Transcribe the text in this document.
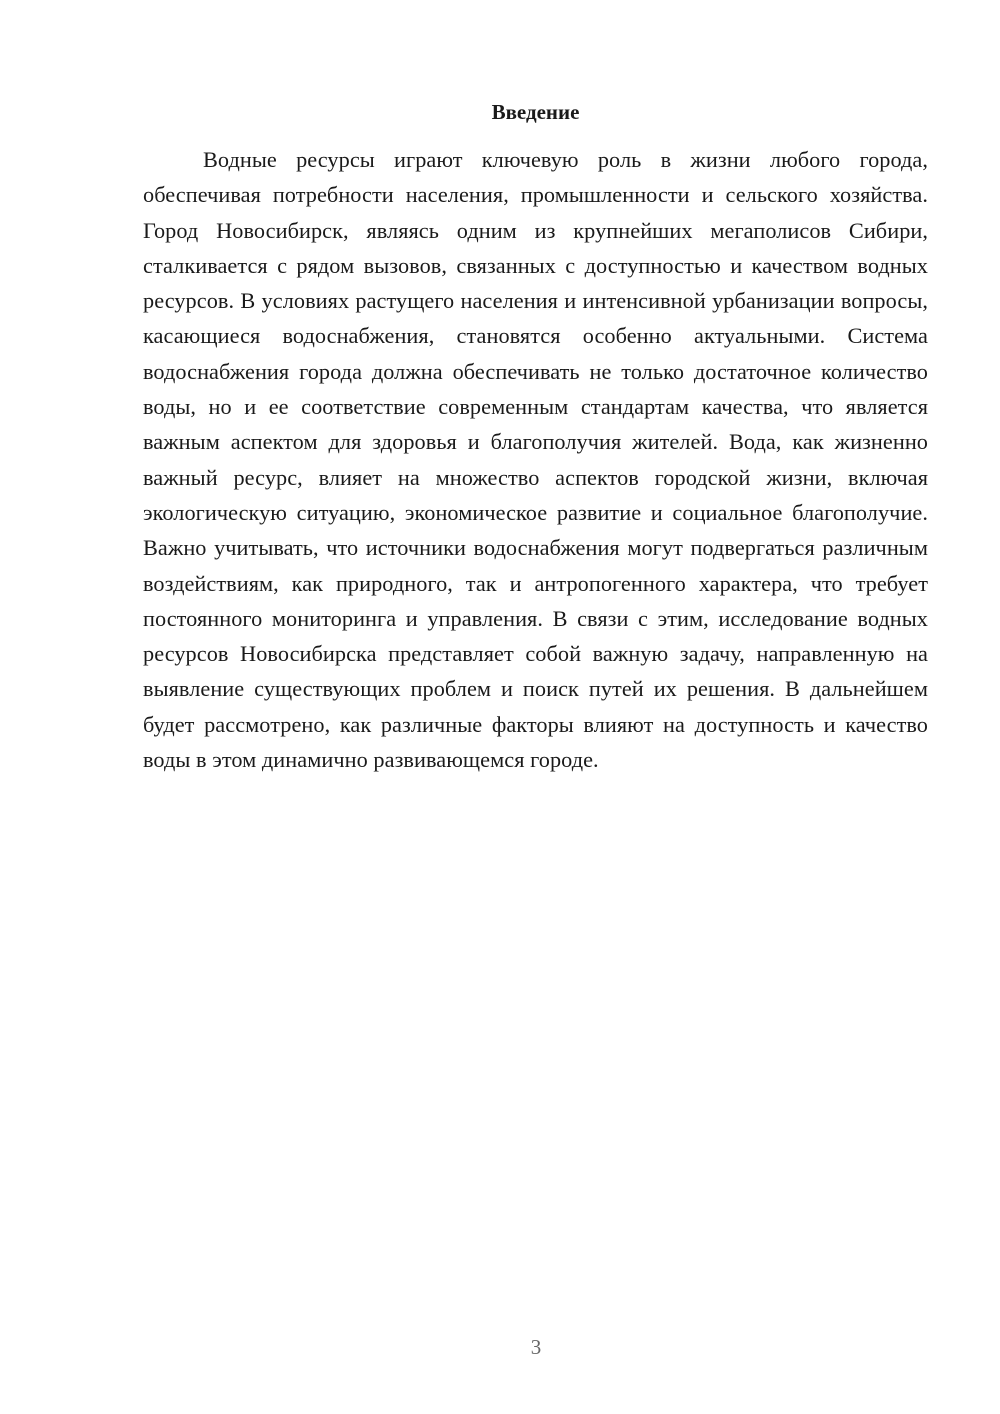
Введение

Водные ресурсы играют ключевую роль в жизни любого города, обеспечивая потребности населения, промышленности и сельского хозяйства. Город Новосибирск, являясь одним из крупнейших мегаполисов Сибири, сталкивается с рядом вызовов, связанных с доступностью и качеством водных ресурсов. В условиях растущего населения и интенсивной урбанизации вопросы, касающиеся водоснабжения, становятся особенно актуальными. Система водоснабжения города должна обеспечивать не только достаточное количество воды, но и ее соответствие современным стандартам качества, что является важным аспектом для здоровья и благополучия жителей. Вода, как жизненно важный ресурс, влияет на множество аспектов городской жизни, включая экологическую ситуацию, экономическое развитие и социальное благополучие. Важно учитывать, что источники водоснабжения могут подвергаться различным воздействиям, как природного, так и антропогенного характера, что требует постоянного мониторинга и управления. В связи с этим, исследование водных ресурсов Новосибирска представляет собой важную задачу, направленную на выявление существующих проблем и поиск путей их решения. В дальнейшем будет рассмотрено, как различные факторы влияют на доступность и качество воды в этом динамично развивающемся городе.

3
